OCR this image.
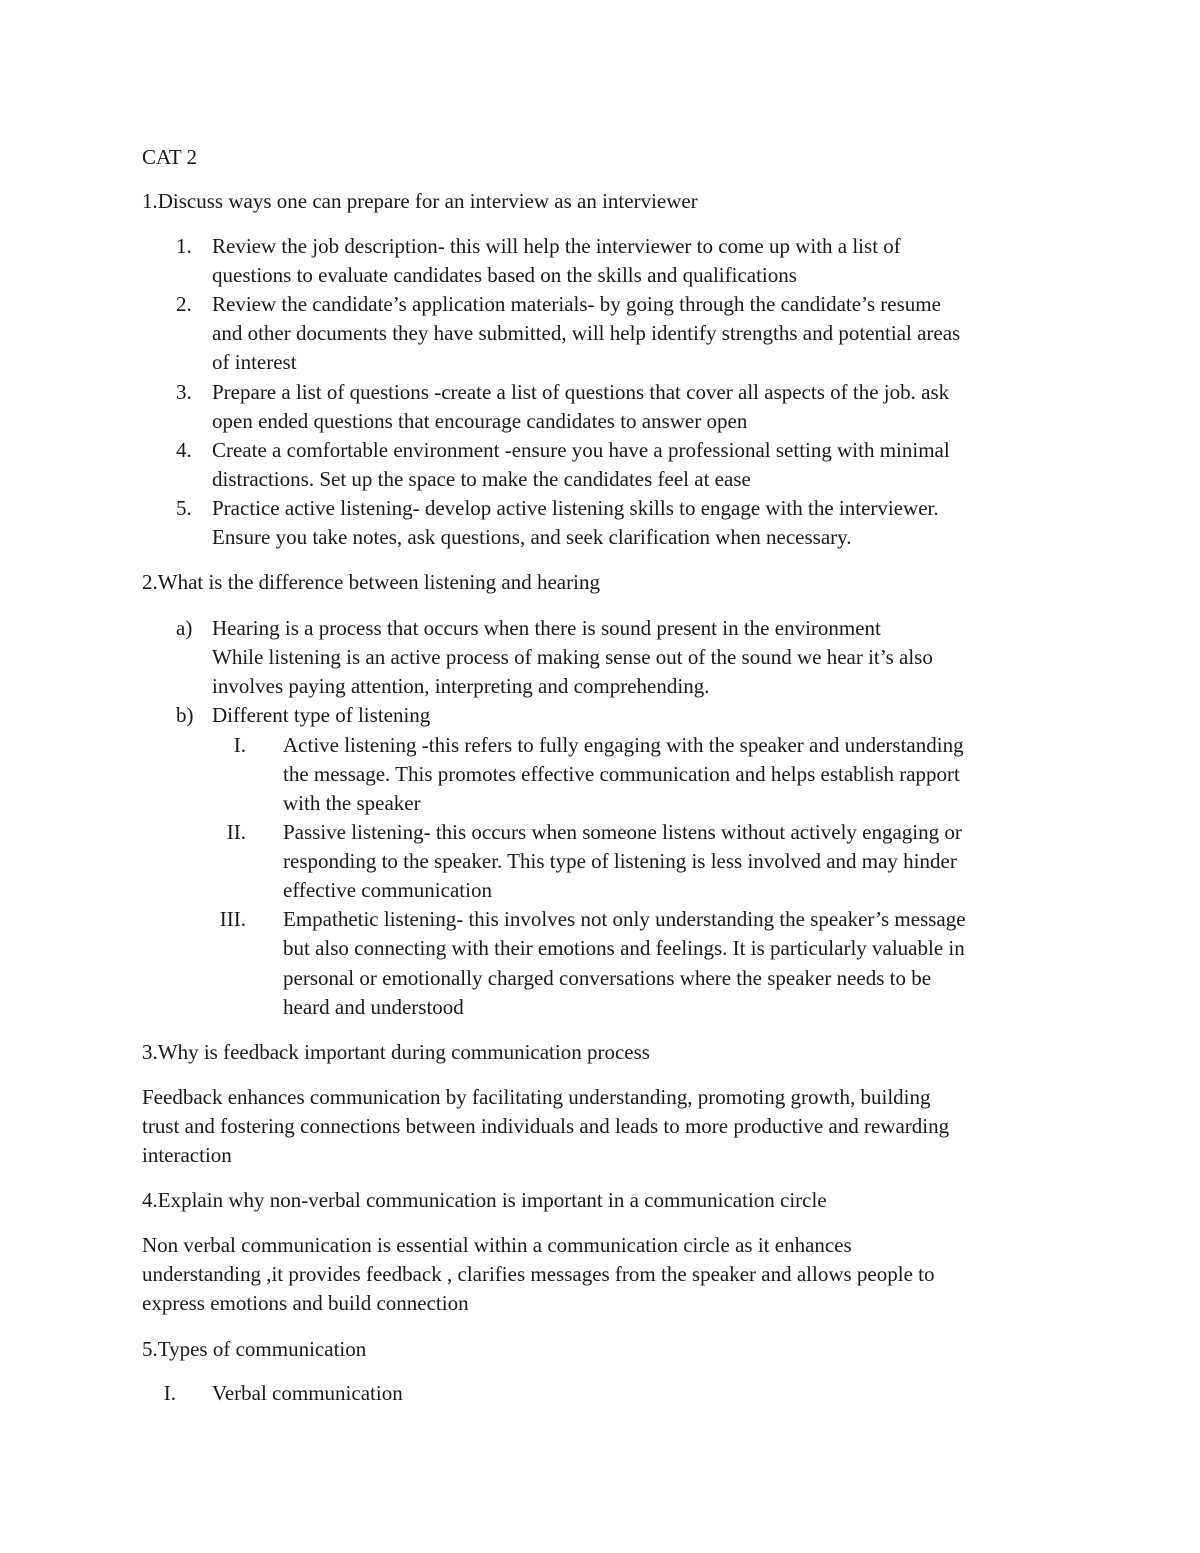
CAT 2
1.Discuss ways one can prepare for an interview as an interviewer
1. Review the job description- this will help the interviewer to come up with a list of
questions to evaluate candidates based on the skills and qualifications
2. Review the candidate’s application materials- by going through the candidate’s resume
and other documents they have submitted, will help identify strengths and potential areas
of interest
3. Prepare a list of questions -create a list of questions that cover all aspects of the job. ask
open ended questions that encourage candidates to answer open
4. Create a comfortable environment -ensure you have a professional setting with minimal
distractions. Set up the space to make the candidates feel at ease
5. Practice active listening- develop active listening skills to engage with the interviewer.
Ensure you take notes, ask questions, and seek clarification when necessary.
2.What is the difference between listening and hearing
a) Hearing is a process that occurs when there is sound present in the environment
While listening is an active process of making sense out of the sound we hear it’s also
involves paying attention, interpreting and comprehending.
b) Different type of listening
I. Active listening -this refers to fully engaging with the speaker and understanding
the message. This promotes effective communication and helps establish rapport
with the speaker
II. Passive listening- this occurs when someone listens without actively engaging or
responding to the speaker. This type of listening is less involved and may hinder
effective communication
III. Empathetic listening- this involves not only understanding the speaker’s message
but also connecting with their emotions and feelings. It is particularly valuable in
personal or emotionally charged conversations where the speaker needs to be
heard and understood
3.Why is feedback important during communication process
Feedback enhances communication by facilitating understanding, promoting growth, building
trust and fostering connections between individuals and leads to more productive and rewarding
interaction
4.Explain why non-verbal communication is important in a communication circle
Non verbal communication is essential within a communication circle as it enhances
understanding ,it provides feedback , clarifies messages from the speaker and allows people to
express emotions and build connection
5.Types of communication
I. Verbal communication
